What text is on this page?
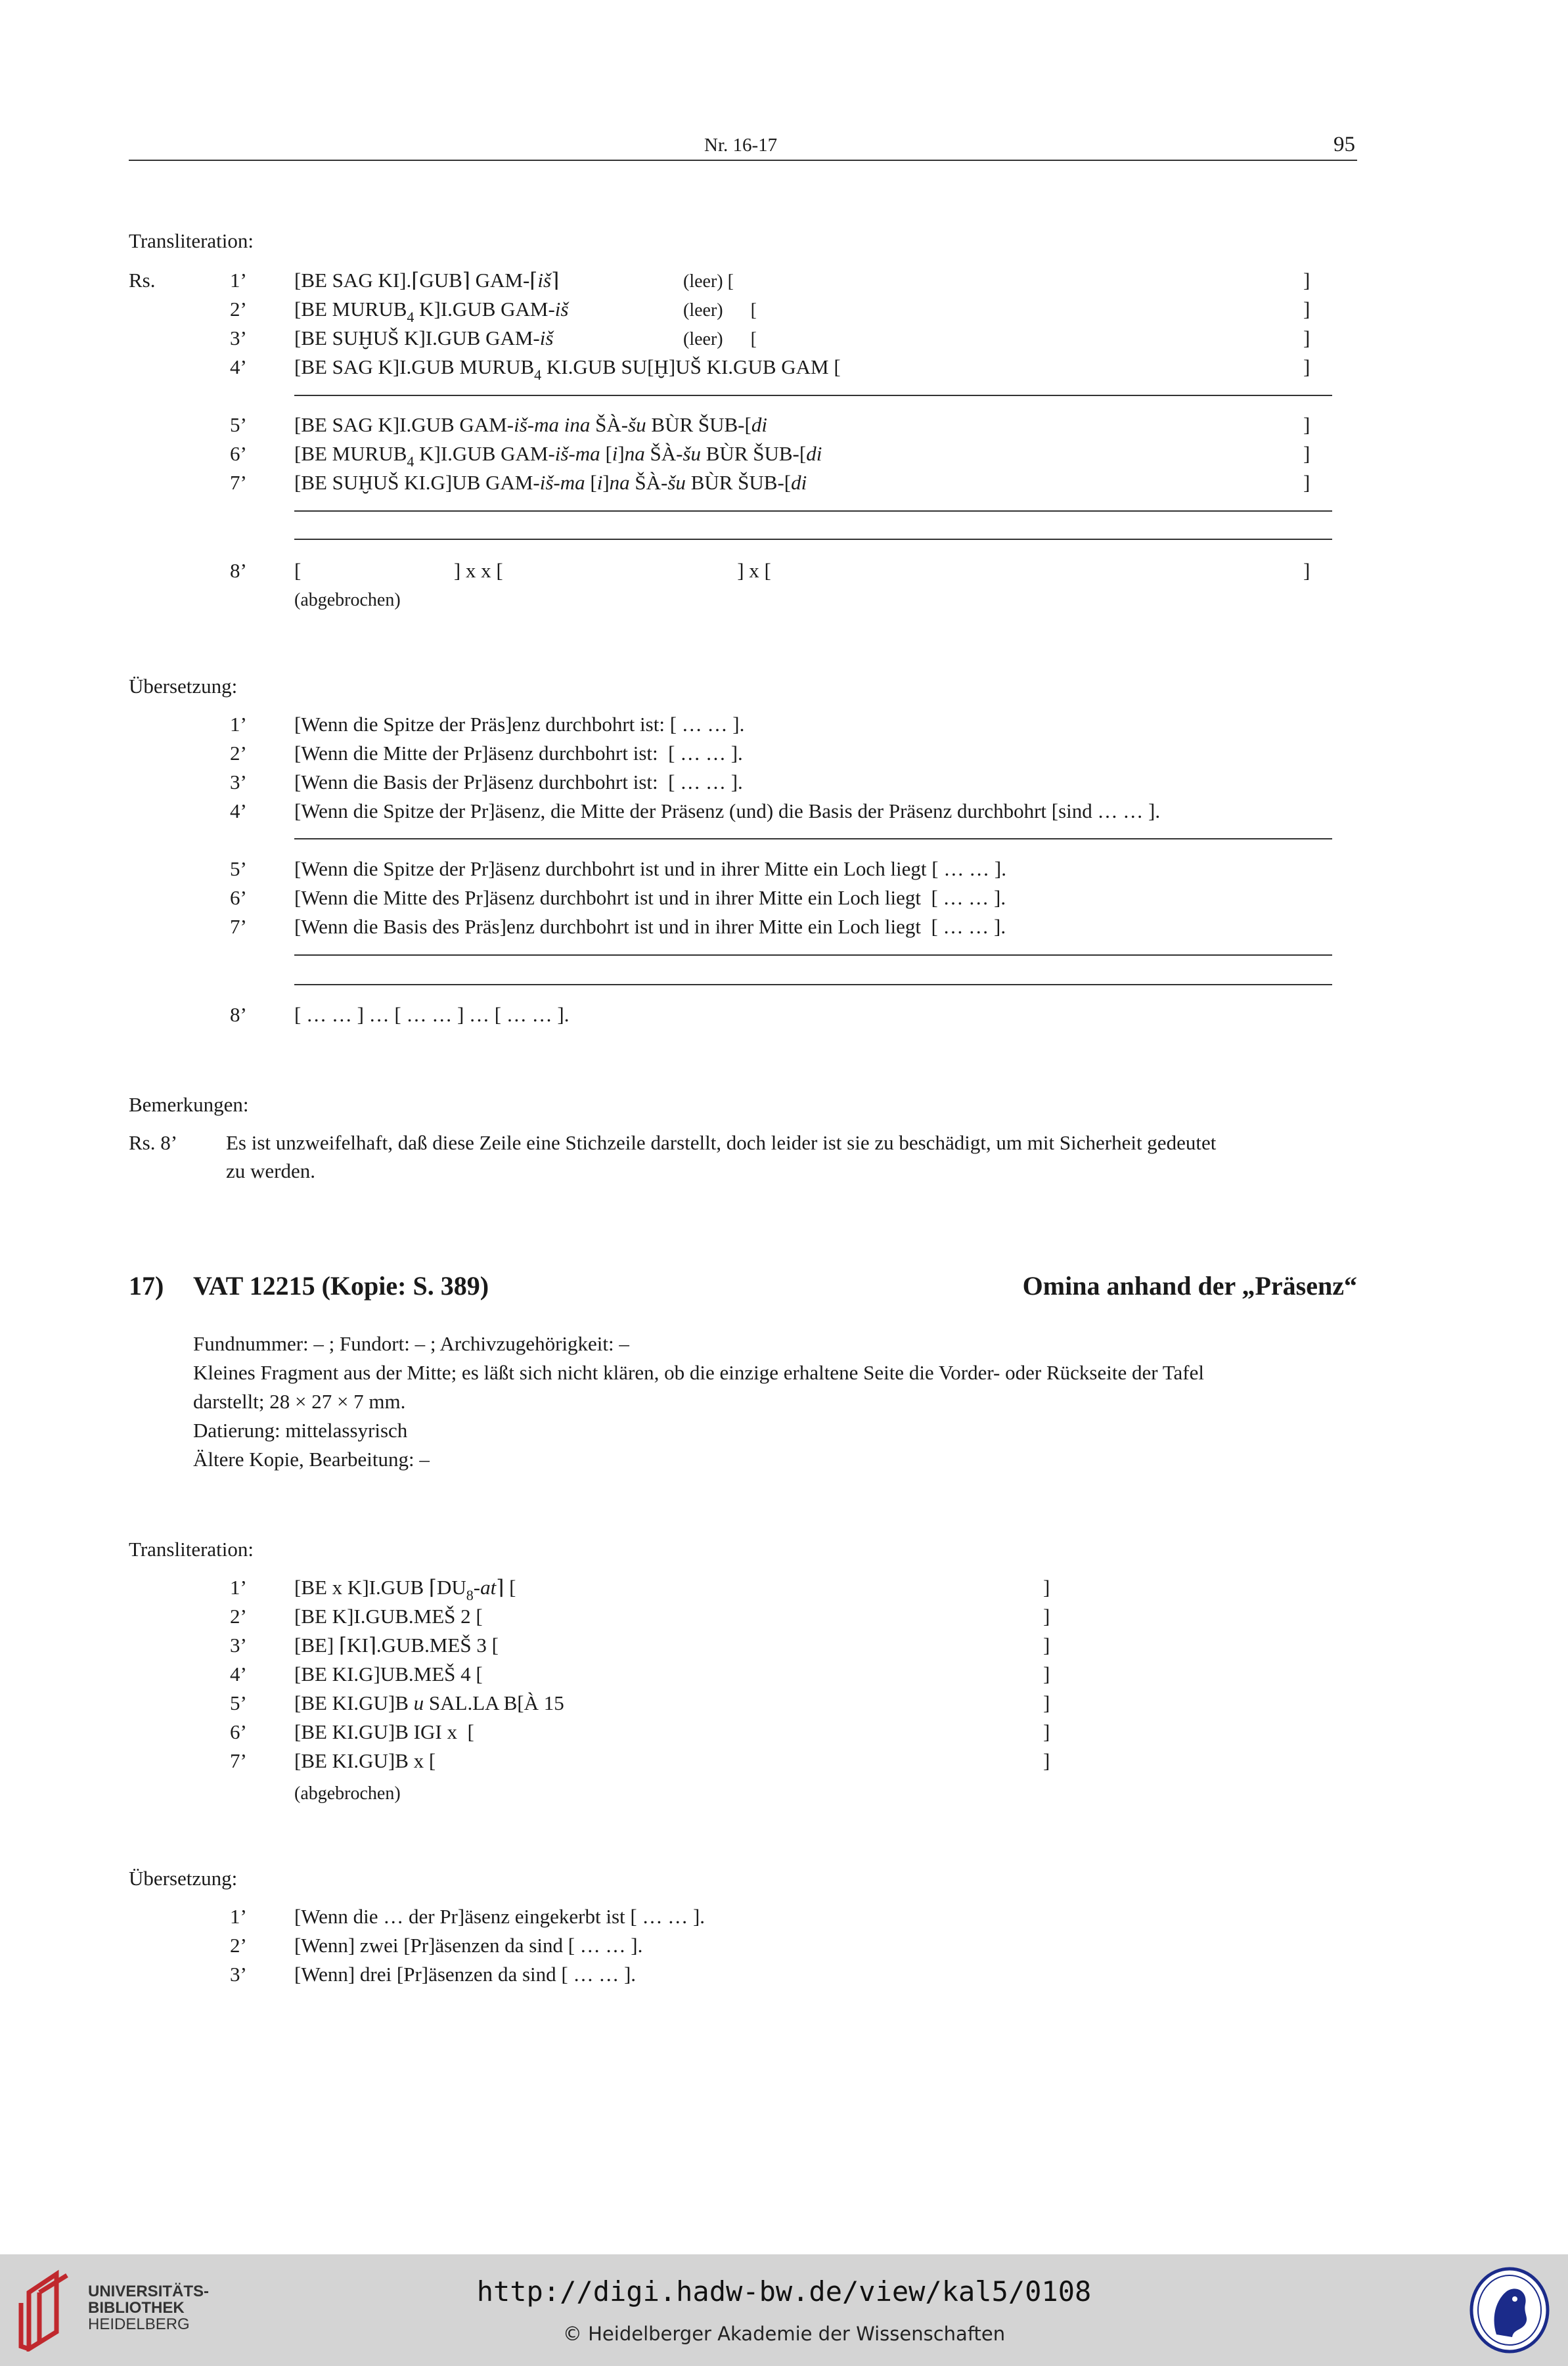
Nr. 16-17	95
Transliteration:
Rs.	1’ [BE SAG KI].⌈GUB⌉ GAM-⌈iš⌉	(leer) [	]
2’ [BE $MURUB_4$ K]I.GUB GAM-iš	(leer)      [	]
3’ [BE SUḪUŠ K]I.GUB GAM-iš	(leer)      [	]
4’ [BE SAG K]I.GUB $MURUB_4$ KI.GUB SU[Ḫ]UŠ KI.GUB GAM [	]
5’ [BE SAG K]I.GUB GAM-iš-ma ina ŠÀ-šu BÙR ŠUB-[di	]
6’ [BE $MURUB_4$ K]I.GUB GAM-iš-ma [i]na ŠÀ-šu BÙR ŠUB-[di	]
7’ [BE SUḪUŠ KI.G]UB GAM-iš-ma [i]na ŠÀ-šu BÙR ŠUB-[di	]
8’ [                              ] x x [                                              ] x [	]
(abgebrochen)
Übersetzung:
1’ [Wenn die Spitze der Präs]enz durchbohrt ist: [ … … ].
2’ [Wenn die Mitte der Pr]äsenz durchbohrt ist:  [ … … ].
3’ [Wenn die Basis der Pr]äsenz durchbohrt ist:  [ … … ].
4’ [Wenn die Spitze der Pr]äsenz, die Mitte der Präsenz (und) die Basis der Präsenz durchbohrt [sind … … ].
5’ [Wenn die Spitze der Pr]äsenz durchbohrt ist und in ihrer Mitte ein Loch liegt [ … … ].
6’ [Wenn die Mitte des Pr]äsenz durchbohrt ist und in ihrer Mitte ein Loch liegt  [ … … ].
7’ [Wenn die Basis des Präs]enz durchbohrt ist und in ihrer Mitte ein Loch liegt  [ … … ].
8’ [ … … ] … [ … … ] … [ … … ].
Bemerkungen:
Rs. 8’ Es ist unzweifelhaft, daß diese Zeile eine Stichzeile darstellt, doch leider ist sie zu beschädigt, um mit Sicherheit gedeutet
zu werden.
17) VAT 12215 (Kopie: S. 389)	Omina anhand der „Präsenz“
Fundnummer: – ; Fundort: – ; Archivzugehörigkeit: –
Kleines Fragment aus der Mitte; es läßt sich nicht klären, ob die einzige erhaltene Seite die Vorder- oder Rückseite der Tafel
darstellt; 28 × 27 × 7 mm.
Datierung: mittelassyrisch
Ältere Kopie, Bearbeitung: –
Transliteration:
1’ [BE x K]I.GUB $⌈DU_8-at⌉$ [	]
2’ [BE K]I.GUB.MEŠ 2 [	]
3’ [BE] ⌈KI⌉.GUB.MEŠ 3 [	]
4’ [BE KI.G]UB.MEŠ 4 [	]
5’ [BE KI.GU]B u SAL.LA B[À 15	]
6’ [BE KI.GU]B IGI x  [	]
7’ [BE KI.GU]B x [	]
(abgebrochen)
Übersetzung:
1’ [Wenn die … der Pr]äsenz eingekerbt ist [ … … ].
2’ [Wenn] zwei [Pr]äsenzen da sind [ … … ].
3’ [Wenn] drei [Pr]äsenzen da sind [ … … ].
UNIVERSITÄTS-
BIBLIOTHEK
HEIDELBERG
http://digi.hadw-bw.de/view/kal5/0108
© Heidelberger Akademie der Wissenschaften
